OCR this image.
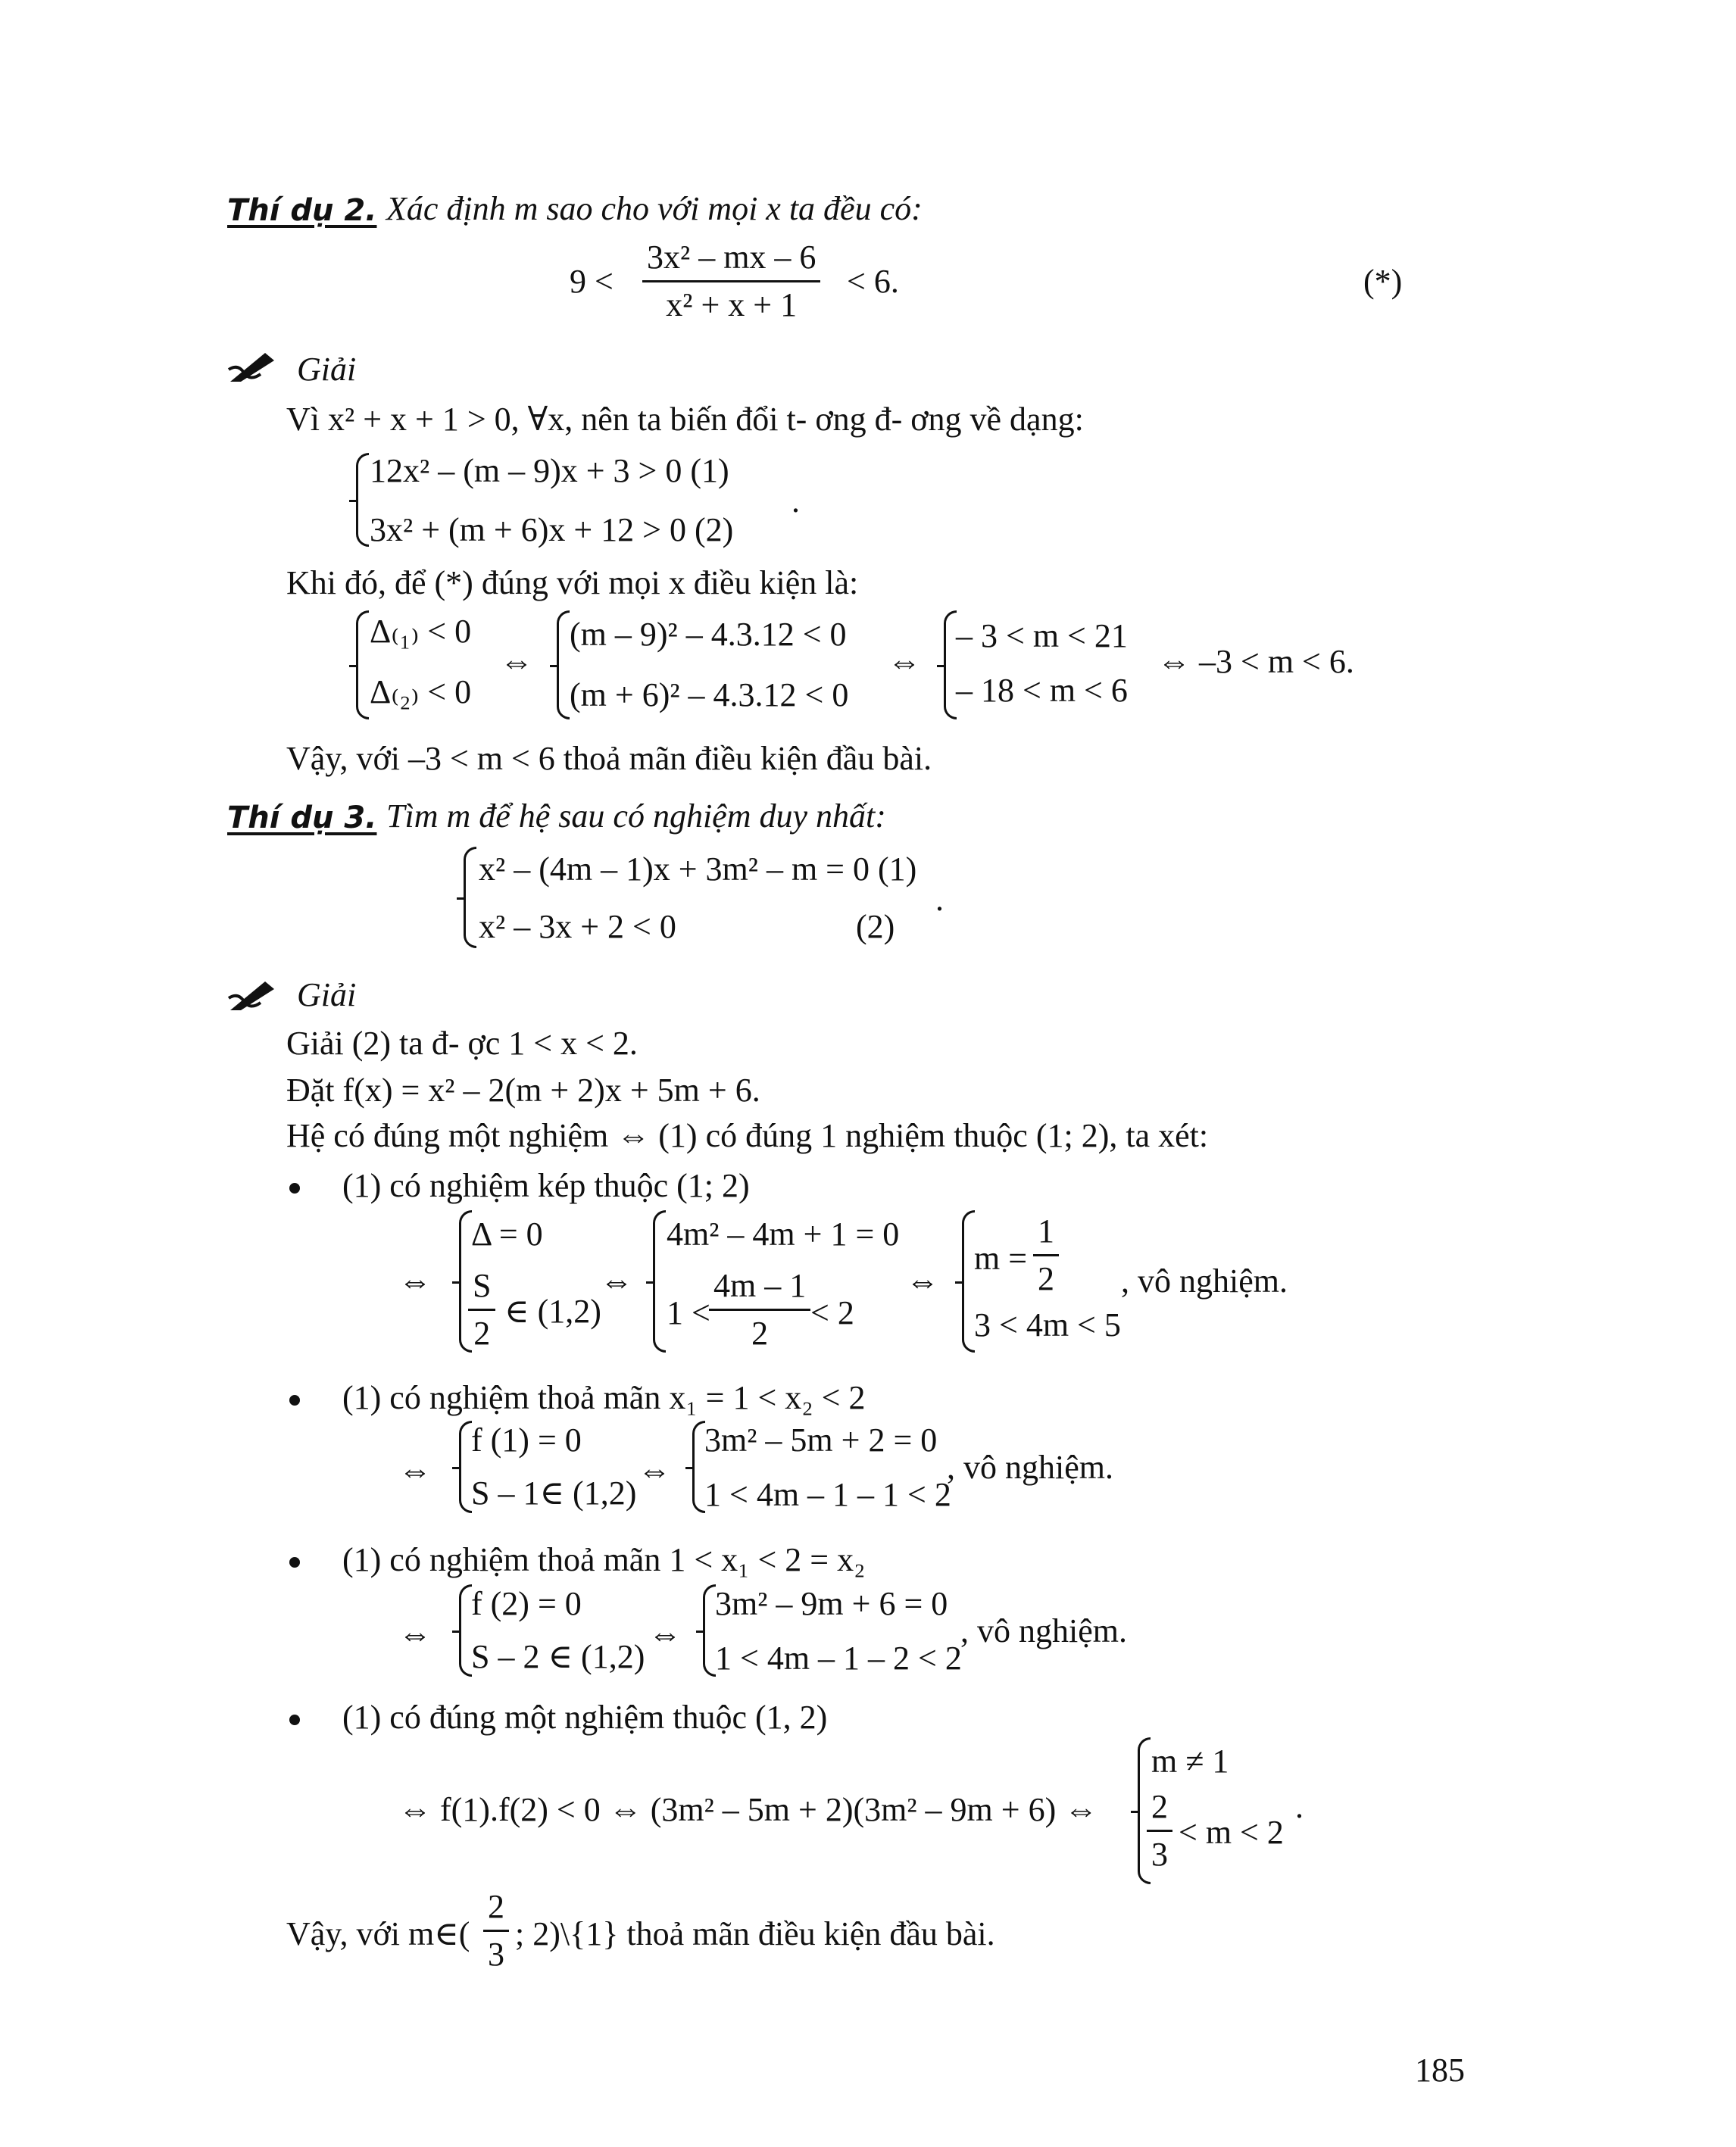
Thí dụ 2. Xác định m sao cho với mọi x ta đều có:
$9 < \frac{\text{3x² – mx – 6}}{\text{x² + x + 1}} < 6$.	(*)
Giải
Vì x² + x + 1 > 0, ∀x, nên ta biến đổi t- ơng đ- ơng về dạng:
12x² – (m – 9)x + 3 > 0 (1)
3x² + (m + 6)x + 12 > 0 (2)
.
Khi đó, để (*) đúng với mọi x điều kiện là:
Δ₍₁₎ < 0
Δ₍₂₎ < 0
⇔
(m – 9)² – 4.3.12 < 0
(m + 6)² – 4.3.12 < 0
⇔
– 3 < m < 21
– 18 < m < 6
⇔ –3 < m < 6.
Vậy, với –3 < m < 6 thoả mãn điều kiện đầu bài.
Thí dụ 3. Tìm m để hệ sau có nghiệm duy nhất:
x² – (4m – 1)x + 3m² – m = 0 (1)
x² – 3x + 2 < 0	(2)
.
Giải
Giải (2) ta đ- ợc 1 < x < 2.
Đặt f(x) = x² – 2(m + 2)x + 5m + 6.
Hệ có đúng một nghiệm ⇔ (1) có đúng 1 nghiệm thuộc (1; 2), ta xét:
(1) có nghiệm kép thuộc (1; 2)
⇔
Δ = 0
$\frac{S}{2}$ ∈ (1,2)
⇔
4m² – 4m + 1 = 0
1 <
$\frac{4m - 1}{2} < 2$
⇔
$m = \frac{1}{2}$
3 < 4m < 5
, vô nghiệm.
(1) có nghiệm thoả mãn x₁ = 1 < x₂ < 2
⇔
f (1) = 0
S – 1∈ (1,2)
⇔
3m² – 5m + 2 = 0
1 < 4m – 1 – 1 < 2
, vô nghiệm.
(1) có nghiệm thoả mãn 1 < x₁ < 2 = x₂
⇔
f (2) = 0
S – 2 ∈ (1,2)
⇔
3m² – 9m + 6 = 0
1 < 4m – 1 – 2 < 2
, vô nghiệm.
(1) có đúng một nghiệm thuộc (1, 2)
⇔ f(1).f(2) < 0 ⇔ (3m² – 5m + 2)(3m² – 9m + 6) ⇔
m ≠ 1
$\frac{2}{3} < m < 2$
.
Vậy, với m∈( $\frac{2}{3}$ ; 2)\{1} thoả mãn điều kiện đầu bài.
185
